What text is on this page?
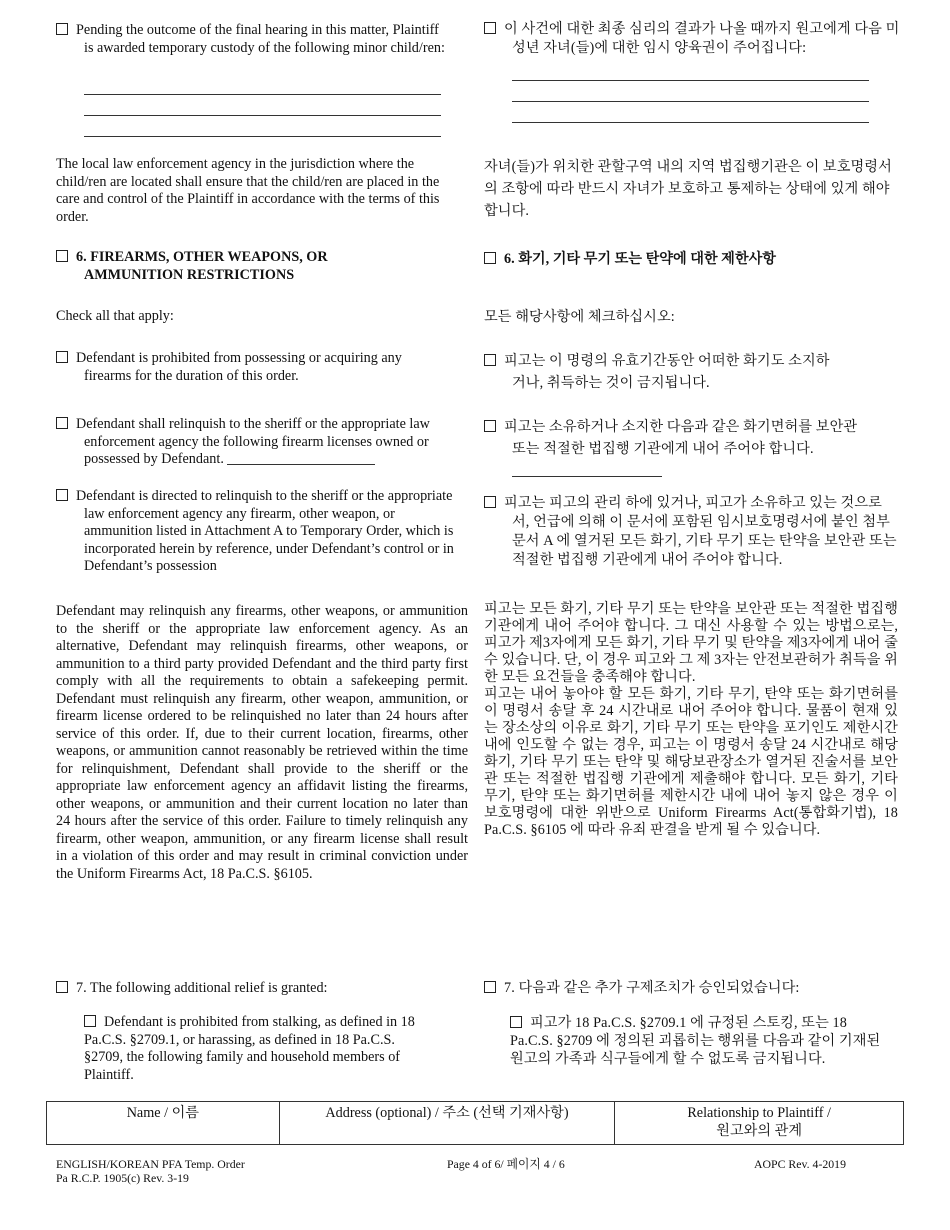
Pending the outcome of the final hearing in this matter, Plaintiff is awarded temporary custody of the following minor child/ren:
The local law enforcement agency in the jurisdiction where the child/ren are located shall ensure that the child/ren are placed in the care and control of the Plaintiff in accordance with the terms of this order.
6. FIREARMS, OTHER WEAPONS, OR AMMUNITION RESTRICTIONS
Check all that apply:
Defendant is prohibited from possessing or acquiring any firearms for the duration of this order.
Defendant shall relinquish to the sheriff or the appropriate law enforcement agency the following firearm licenses owned or possessed by Defendant.
Defendant is directed to relinquish to the sheriff or the appropriate law enforcement agency any firearm, other weapon, or ammunition listed in Attachment A to Temporary Order, which is incorporated herein by reference, under Defendant’s control or in Defendant’s possession
Defendant may relinquish any firearms, other weapons, or ammunition to the sheriff or the appropriate law enforcement agency. As an alternative, Defendant may relinquish firearms, other weapons, or ammunition to a third party provided Defendant and the third party first comply with all the requirements to obtain a safekeeping permit. Defendant must relinquish any firearm, other weapon, ammunition, or firearm license ordered to be relinquished no later than 24 hours after service of this order. If, due to their current location, firearms, other weapons, or ammunition cannot reasonably be retrieved within the time for relinquishment, Defendant shall provide to the sheriff or the appropriate law enforcement agency an affidavit listing the firearms, other weapons, or ammunition and their current location no later than 24 hours after the service of this order. Failure to timely relinquish any firearm, other weapon, ammunition, or any firearm license shall result in a violation of this order and may result in criminal conviction under the Uniform Firearms Act, 18 Pa.C.S. §6105.
7. The following additional relief is granted:
Defendant is prohibited from stalking, as defined in 18 Pa.C.S. §2709.1, or harassing, as defined in 18 Pa.C.S. §2709, the following family and household members of Plaintiff.
이 사건에 대한 최종 심리의 결과가 나올 때까지 원고에게 다음 미성년 자녀(들)에 대한 임시 양육권이 주어집니다:
자녀(들)가 위치한 관할구역 내의 지역 법집행기관은 이 보호명령서의 조항에 따라 반드시 자녀가 보호하고 통제하는 상태에 있게 해야 합니다.
6. 화기, 기타 무기 또는 탄약에 대한 제한사항
모든 해당사항에 체크하십시오:
피고는 이 명령의 유효기간동안 어떠한 화기도 소지하거나, 취득하는 것이 금지됩니다.
피고는 소유하거나 소지한 다음과 같은 화기면허를 보안관 또는 적절한 법집행 기관에게 내어 주어야 합니다.
피고는 피고의 관리 하에 있거나, 피고가 소유하고 있는 것으로서, 언급에 의해 이 문서에 포함된 임시보호명령서에 붙인 첨부문서 A 에 열거된 모든 화기, 기타 무기 또는 탄약을 보안관 또는 적절한 법집행 기관에게 내어 주어야 합니다.
피고는 모든 화기, 기타 무기 또는 탄약을 보안관 또는 적절한 법집행 기관에게 내어 주어야 합니다. 그 대신 사용할 수 있는 방법으로는, 피고가 제3자에게 모든 화기, 기타 무기 및 탄약을 제3자에게 내어 줄 수 있습니다. 단, 이 경우 피고와 그 제 3자는 안전보관허가 취득을 위한 모든 요건들을 충족해야 합니다.
피고는 내어 놓아야 할 모든 화기, 기타 무기, 탄약 또는 화기면허를 이 명령서 송달 후 24 시간내로 내어 주어야 합니다. 물품이 현재 있는 장소상의 이유로 화기, 기타 무기 또는 탄약을 포기인도 제한시간 내에 인도할 수 없는 경우, 피고는 이 명령서 송달 24 시간내로 해당 화기, 기타 무기 또는 탄약 및 해당보관장소가 열거된 진술서를 보안관 또는 적절한 법집행 기관에게 제출해야 합니다. 모든 화기, 기타 무기, 탄약 또는 화기면허를 제한시간 내에 내어 놓지 않은 경우 이 보호명령에 대한 위반으로 Uniform Firearms Act(통합화기법), 18 Pa.C.S. §6105 에 따라 유죄 판결을 받게 될 수 있습니다.
7. 다음과 같은 추가 구제조치가 승인되었습니다:
피고가 18 Pa.C.S. §2709.1 에 규정된 스토킹, 또는 18 Pa.C.S. §2709 에 정의된 괴롭히는 행위를 다음과 같이 기재된 원고의 가족과 식구들에게 할 수 없도록 금지됩니다.
Name / 이름	Address (optional) / 주소 (선택 기재사항)	Relationship to Plaintiff /
원고와의 관계
ENGLISH/KOREAN PFA Temp. Order
Pa R.C.P. 1905(c) Rev. 3-19
Page 4 of 6/ 페이지 4 / 6	AOPC Rev. 4-2019
